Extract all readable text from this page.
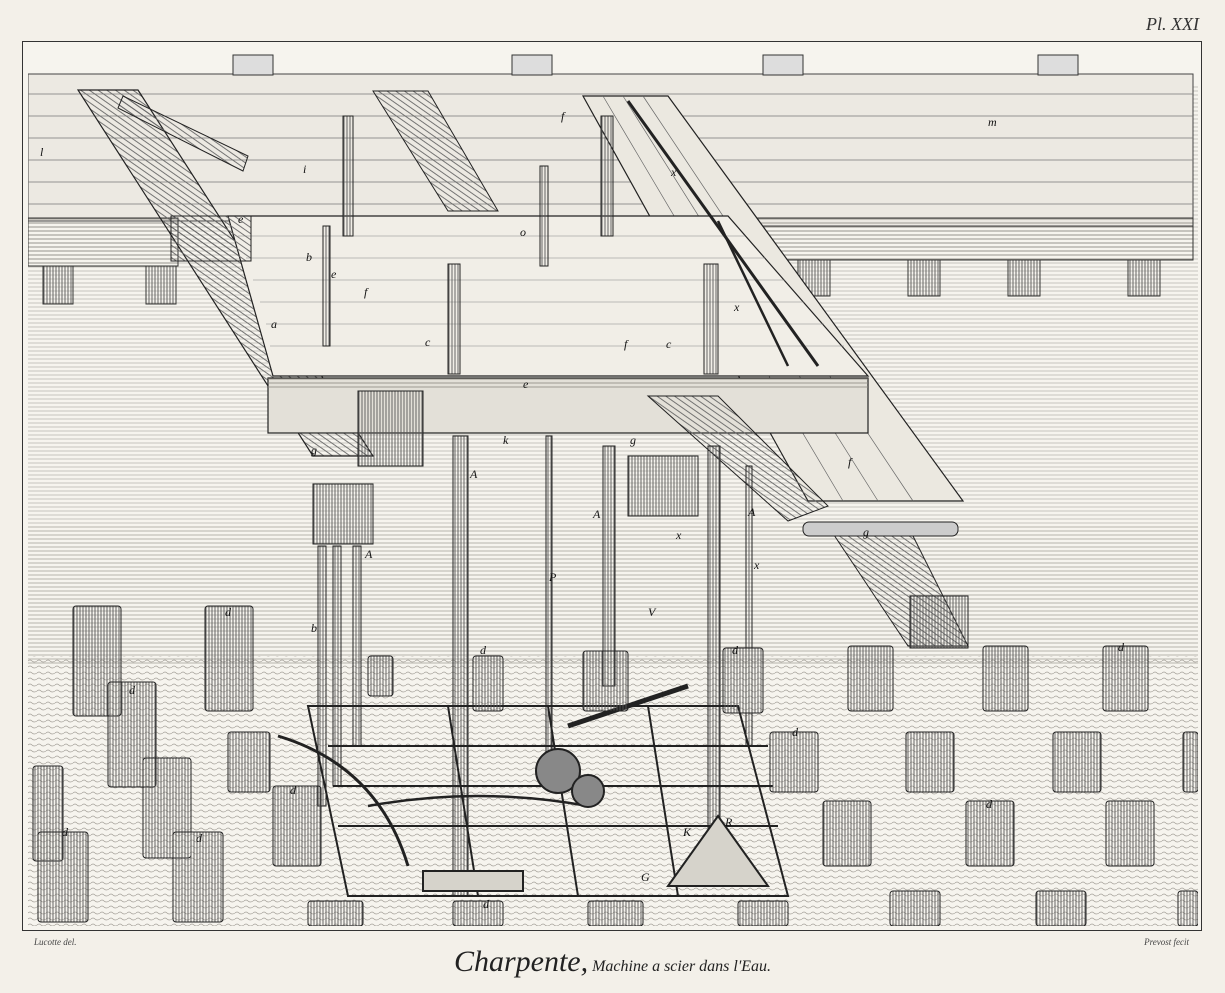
Pl. XXI
m
l
i
e
e
e
b
b
f
f
f
f
a
c	c
o
x
x
x
x
k
g
g
g
A
A	A
A
P
V
d
d
d	d
d
d	d
d
d
d
d
K
R
G
Lucotte del.	Prevost fecit
Charpente, Machine a scier dans l'Eau.
